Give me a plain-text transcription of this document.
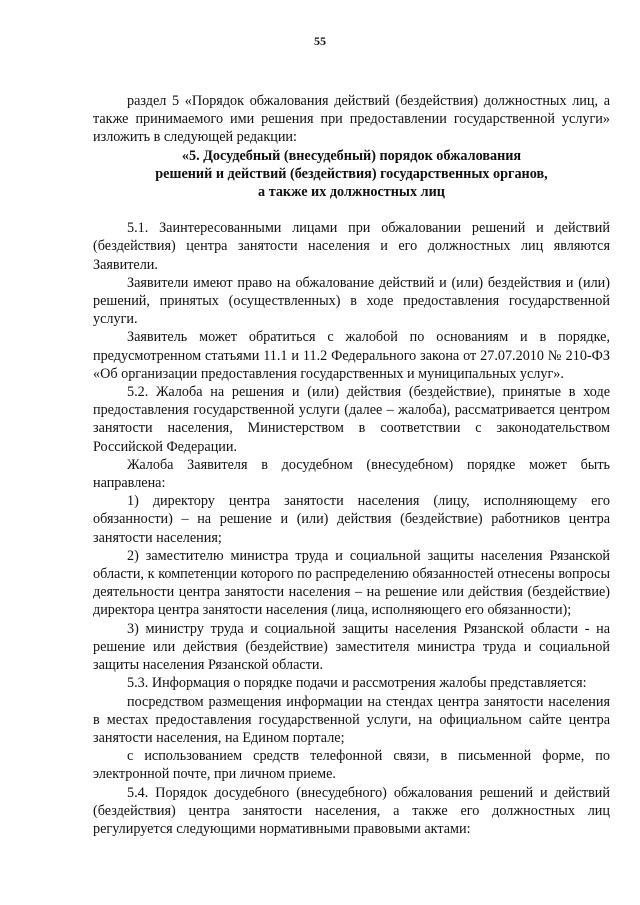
55

раздел 5 «Порядок обжалования действий (бездействия) должностных лиц, а также принимаемого ими решения при предоставлении государственной услуги» изложить в следующей редакции:

«5. Досудебный (внесудебный) порядок обжалования
решений и действий (бездействия) государственных органов,
а также их должностных лиц

5.1. Заинтересованными лицами при обжаловании решений и действий (бездействия) центра занятости населения и его должностных лиц являются Заявители.

Заявители имеют право на обжалование действий и (или) бездействия и (или) решений, принятых (осуществленных) в ходе предоставления государственной услуги.

Заявитель может обратиться с жалобой по основаниям и в порядке, предусмотренном статьями 11.1 и 11.2 Федерального закона от 27.07.2010 № 210-ФЗ «Об организации предоставления государственных и муниципальных услуг».

5.2. Жалоба на решения и (или) действия (бездействие), принятые в ходе предоставления государственной услуги (далее – жалоба), рассматривается центром занятости населения, Министерством в соответствии с законодательством Российской Федерации.

Жалоба Заявителя в досудебном (внесудебном) порядке может быть направлена:

1) директору центра занятости населения (лицу, исполняющему его обязанности) – на решение и (или) действия (бездействие) работников центра занятости населения;

2) заместителю министра труда и социальной защиты населения Рязанской области, к компетенции которого по распределению обязанностей отнесены вопросы деятельности центра занятости населения – на решение или действия (бездействие) директора центра занятости населения (лица, исполняющего его обязанности);

3) министру труда и социальной защиты населения Рязанской области - на решение или действия (бездействие) заместителя министра труда и социальной защиты населения Рязанской области.

5.3. Информация о порядке подачи и рассмотрения жалобы представляется:

посредством размещения информации на стендах центра занятости населения в местах предоставления государственной услуги, на официальном сайте центра занятости населения, на Едином портале;

с использованием средств телефонной связи, в письменной форме, по электронной почте, при личном приеме.

5.4. Порядок досудебного (внесудебного) обжалования решений и действий (бездействия) центра занятости населения, а также его должностных лиц регулируется следующими нормативными правовыми актами:
